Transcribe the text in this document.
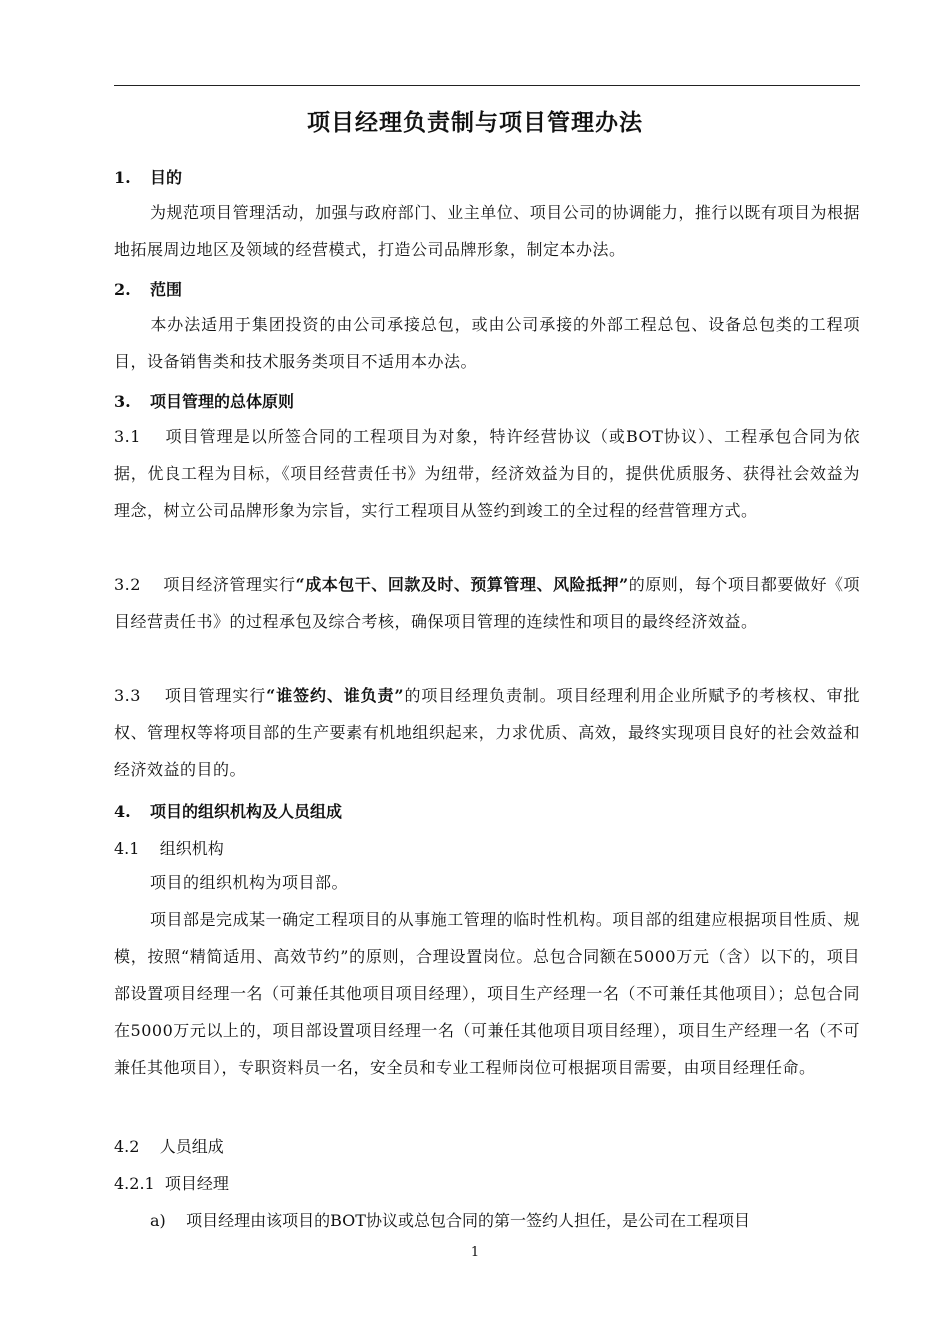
项目经理负责制与项目管理办法
1. 目的
为规范项目管理活动，加强与政府部门、业主单位、项目公司的协调能力，推行以既有项目为根据地拓展周边地区及领域的经营模式，打造公司品牌形象，制定本办法。
2. 范围
本办法适用于集团投资的由公司承接总包，或由公司承接的外部工程总包、设备总包类的工程项目，设备销售类和技术服务类项目不适用本办法。
3. 项目管理的总体原则
3.1 项目管理是以所签合同的工程项目为对象，特许经营协议（或BOT协议）、工程承包合同为依据，优良工程为目标，《项目经营责任书》为纽带，经济效益为目的，提供优质服务、获得社会效益为理念，树立公司品牌形象为宗旨，实行工程项目从签约到竣工的全过程的经营管理方式。
3.2 项目经济管理实行“成本包干、回款及时、预算管理、风险抵押”的原则，每个项目都要做好《项目经营责任书》的过程承包及综合考核，确保项目管理的连续性和项目的最终经济效益。
3.3 项目管理实行“谁签约、谁负责”的项目经理负责制。项目经理利用企业所赋予的考核权、审批权、管理权等将项目部的生产要素有机地组织起来，力求优质、高效，最终实现项目良好的社会效益和经济效益的目的。
4. 项目的组织机构及人员组成
4.1 组织机构
项目的组织机构为项目部。
项目部是完成某一确定工程项目的从事施工管理的临时性机构。项目部的组建应根据项目性质、规模，按照“精简适用、高效节约”的原则，合理设置岗位。总包合同额在5000万元（含）以下的，项目部设置项目经理一名（可兼任其他项目项目经理），项目生产经理一名（不可兼任其他项目）；总包合同在5000万元以上的，项目部设置项目经理一名（可兼任其他项目项目经理），项目生产经理一名（不可兼任其他项目），专职资料员一名，安全员和专业工程师岗位可根据项目需要，由项目经理任命。
4.2 人员组成
4.2.1 项目经理
a) 项目经理由该项目的BOT协议或总包合同的第一签约人担任，是公司在工程项目
1
